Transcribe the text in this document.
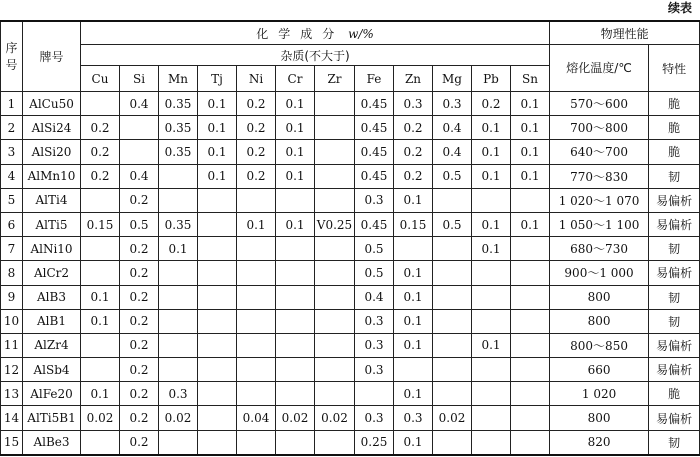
续表
序号	牌号	化学成分 w/%												物理性能	
		杂质(不大于)												熔化温度/℃	特性
		Cu	Si	Mn	Tj	Ni	Cr	Zr	Fe	Zn	Mg	Pb	Sn		
1	AlCu50		0.4	0.35	0.1	0.2	0.1		0.45	0.3	0.3	0.2	0.1	570～600	脆
2	AlSi24	0.2		0.35	0.1	0.2	0.1		0.45	0.2	0.4	0.1	0.1	700～800	脆
3	AlSi20	0.2		0.35	0.1	0.2	0.1		0.45	0.2	0.4	0.1	0.1	640～700	脆
4	AlMn10	0.2	0.4		0.1	0.2	0.1		0.45	0.2	0.5	0.1	0.1	770～830	韧
5	AlTi4		0.2						0.3	0.1				1 020～1 070	易偏析
6	AlTi5	0.15	0.5	0.35		0.1	0.1	V0.25	0.45	0.15	0.5	0.1	0.1	1 050～1 100	易偏析
7	AlNi10		0.2	0.1					0.5			0.1		680～730	韧
8	AlCr2		0.2						0.5	0.1				900～1 000	易偏析
9	AlB3	0.1	0.2						0.4	0.1				800	韧
10	AlB1	0.1	0.2						0.3	0.1				800	韧
11	AlZr4		0.2						0.3	0.1		0.1		800～850	易偏析
12	AlSb4		0.2						0.3					660	易偏析
13	AlFe20	0.1	0.2	0.3						0.1				1 020	脆
14	AlTi5B1	0.02	0.2	0.02		0.04	0.02	0.02	0.3	0.3	0.02			800	易偏析
15	AlBe3		0.2						0.25	0.1				820	韧
